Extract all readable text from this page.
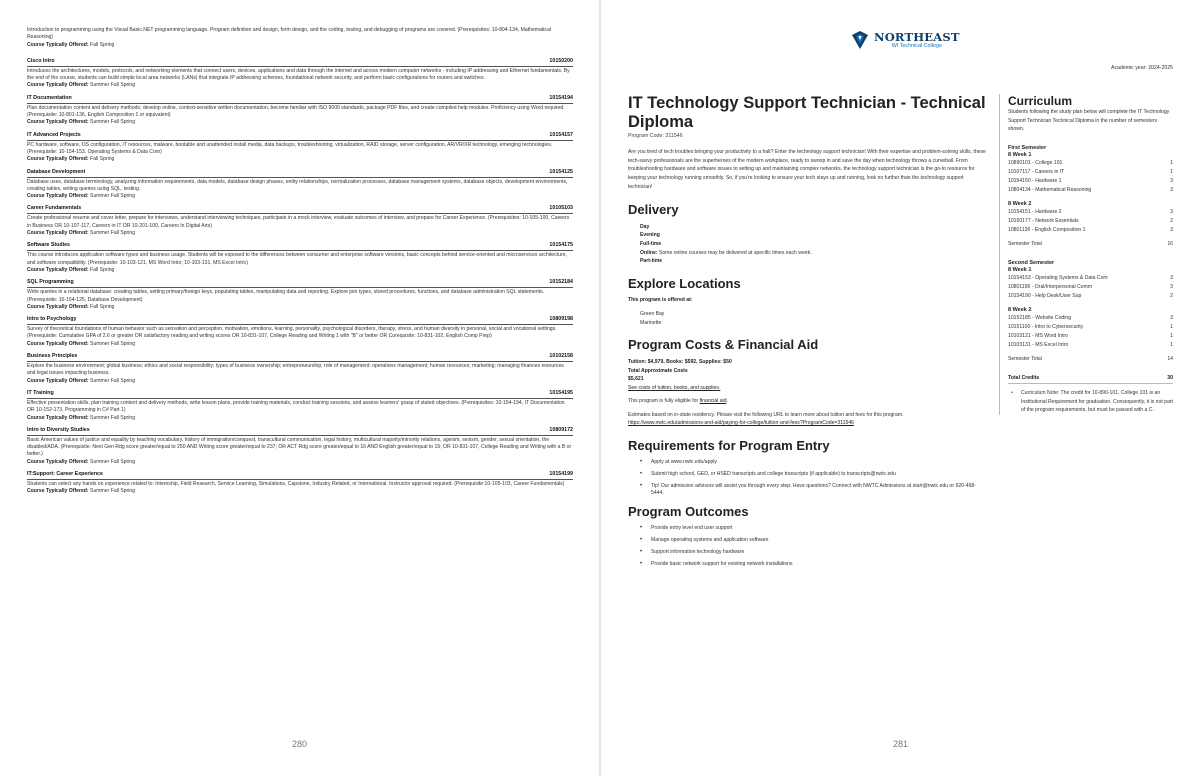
Introduction to programming using the Visual Basic.NET programming language. Program definition and design, form design, and the coding, testing, and debugging of programs are covered. (Prerequisites: 10-804-134, Mathematical Reasoning)
Course Typically Offered: Fall Spring
Cisco Intro	10150200
Introduces the architectures, models, protocols, and networking elements that connect users, devices, applications and data through the internet and across modern computer networks - including IP addressing and Ethernet fundamentals. By the end of the course, students can build simple local area networks (LANs) that integrate IP addressing schemes, foundational network security, and perform basic configurations for routers and switches.
Course Typically Offered: Summer Fall Spring
IT Documentation	10154194
Plan documentation content and delivery methods; develop online, context-sensitive written documentation, become familiar with ISO 9000 standards, package PDF files, and create compiled help modules. Proficiency using Word required. (Prerequisite: 10-801-136, English Composition 1 or equivalent)
Course Typically Offered: Summer Fall Spring
IT Advanced Projects	10154157
PC hardware, software, OS configuration, IT resources, malware, bootable and unattended install media, data backups, troubleshooting, virtualization, RAID storage, server configuration, AR/VR/XR technology, emerging technologies. (Prerequisite: 10-154-153, Operating Systems & Data Com)
Course Typically Offered: Fall Spring
Database Development	10154125
Database uses, database terminology, analyzing information requirements, data models, database design phases, entity relationships, normalization processes, database management systems, database objects, development environments, creating tables, writing queries using SQL, testing.
Course Typically Offered: Summer Fall Spring
Career Fundamentals	10105103
Create professional resume and cover letter, prepare for interviews, understand interviewing techniques, participate in a mock interview, evaluate outcomes of interview, and prepare for Career Experience. (Prerequisites: 10-105-100, Careers in Business OR 10-107-117, Careers in IT OR 10-201-100, Careers In Digital Arts)
Course Typically Offered: Summer Fall Spring
Software Studies	10154175
This course introduces application software types and business usage. Students will be exposed to the differences between consumer and enterprise software versions, basic concepts behind service-oriented and microservices architecture, and software compatibility. (Prerequisite: 10-103-121, MS Word Intro; 10-103-131, MS Excel Intro)
Course Typically Offered: Fall Spring
SQL Programming	10152184
Write queries in a relational database: creating tables, setting primary/foreign keys, populating tables, manipulating data and reporting. Explore join types, stored procedures, functions, and database administration SQL statements. (Prerequisite: 10-154-125, Database Development)
Course Typically Offered: Fall Spring
Intro to Psychology	10809198
Survey of theoretical foundations of human behavior such as sensation and perception, motivation, emotions, learning, personality, psychological disorders, therapy, stress, and human diversity in personal, social and vocational settings. (Prerequisite: Cumulative GPA of 2.6 or greater OR satisfactory reading and writing scores OR 10-831-107, College Reading and Writing 1 with "B" or better OR Corequisite: 10-831-102, English Comp Prep)
Course Typically Offered: Summer Fall Spring
Business Principles	10102158
Explore the business environment; global business; ethics and social responsibility; types of business ownership; entrepreneurship; role of management: operations management; human resources; marketing; managing finances resources and legal issues impacting business.
Course Typically Offered: Summer Fall Spring
IT Training	10154195
Effective presentation skills, plan training content and delivery methods, write lesson plans, provide training materials, conduct training sessions, and assess learners' grasp of stated objectives. (Prerequisites: 10-154-194, IT Documentation OR 10-152-173, Programming in C# Part 1)
Course Typically Offered: Summer Fall Spring
Intro to Diversity Studies	10809172
Basic American values of justice and equality by teaching vocabulary, history of immigration/conquest, transcultural communication, legal history, multicultural majority/minority relations, ageism, sexism, gender, sexual orientation, the disabled/ADA. (Prerequisite: Next Gen Rdg score greater/equal to 250 AND Writing score greater/equal to 237; OR ACT Rdg score greater/equal to 16 AND English greater/equal to 15; OR 10-831-107, College Reading and Writing with a B or better.)
Course Typically Offered: Summer Fall Spring
IT:Support: Career Experience	10154199
Students can select any hands on experience related to: Internship, Field Research, Service Learning, Simulations, Capstone, Industry Related, or International. Instructor approval required. (Prerequisite:10-105-103, Career Fundamentals)
Course Typically Offered: Summer Fall Spring
280
NORTHEAST
WI Technical College
Academic year: 2024-2025
IT Technology Support Technician - Technical Diploma
Program Code: 311546
Are you tired of tech troubles bringing your productivity to a halt? Enter the technology support technician! With their expertise and problem-solving skills, these tech-savvy professionals are the superheroes of the modern workplace, ready to swoop in and save the day when technology throws a curveball. From troubleshooting hardware and software issues to setting up and maintaining complex networks, the technology support technician is the go-to resource for keeping your technology running smoothly. So, if you're looking to ensure your tech stays up and running, look no further than the technology support technician!
Delivery
Day
Evening
Full-time
Online: Some online courses may be delivered at specific times each week.
Part-time
Explore Locations
This program is offered at:
Green Bay
Marinette
Program Costs & Financial Aid
Tuition: $4,979, Books: $592, Supplies: $50
Total Approximate Costs
$5,621
See costs of tuition, books, and supplies.
This program is fully eligible for financial aid.
Estimates based on in-state residency. Please visit the following URL to learn more about tuition and fees for this program.
https://www.nwtc.edu/admissions-and-aid/paying-for-college/tuition-and-fees?ProgramCode=311546
Requirements for Program Entry
• Apply at www.nwtc.edu/apply
• Submit high school, GED, or HSED transcripts and college transcripts (if applicable) to transcripts@nwtc.edu
• Tip! Our admission advisors will assist you through every step. Have questions? Connect with NWTC Admissions at start@nwtc.edu or 920-498-5444.
Program Outcomes
• Provide entry level end user support
• Manage operating systems and application software
• Support information technology hardware
• Provide basic network support for existing network installations
Curriculum
Students following the study plan below will complete the IT Technology Support Technician Technical Diploma in the number of semesters shown.
First Semester
8 Week 1
10890101 - College 101	1
10107117 - Careers in IT	1
10154150 - Hardware 1	3
10804134 - Mathematical Reasoning	3
8 Week 2
10154151 - Hardware 2	3
10150177 - Network Essentials	2
10801136 - English Composition 1	3
Semester Total	16
Second Semester
8 Week 1
10154153 - Operating Systems & Data Com	3
10801196 - Oral/Interpersonal Comm	3
10154190 - Help Desk/User Sup	2
8 Week 2
10152185 - Website Coding	3
10151100 - Intro to Cybersecurity	1
10103121 - MS Word Intro	1
10103131 - MS Excel Intro	1
Semester Total	14
Total Credits	30
• Curriculum Note: The credit for 10-890-101, College 101 is an Institutional Requirement for graduation. Consequently, it is not part of the program requirements, but must be passed with a C.
281
